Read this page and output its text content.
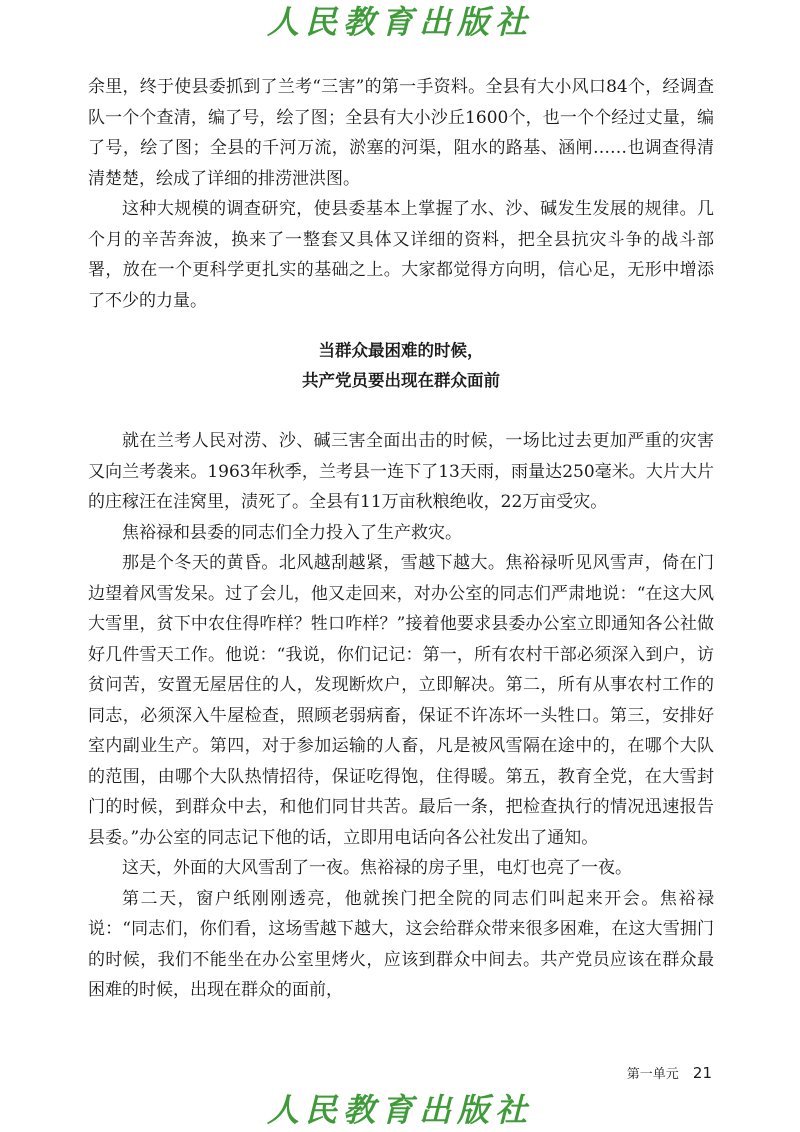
人民教育出版社

余里，终于使县委抓到了兰考“三害”的第一手资料。全县有大小风口84个，经调查队一个个查清，编了号，绘了图；全县有大小沙丘1600个，也一个个经过丈量，编了号，绘了图；全县的千河万流，淤塞的河渠，阻水的路基、涵闸……也调查得清清楚楚，绘成了详细的排涝泄洪图。

这种大规模的调查研究，使县委基本上掌握了水、沙、碱发生发展的规律。几个月的辛苦奔波，换来了一整套又具体又详细的资料，把全县抗灾斗争的战斗部署，放在一个更科学更扎实的基础之上。大家都觉得方向明，信心足，无形中增添了不少的力量。

当群众最困难的时候，
共产党员要出现在群众面前

就在兰考人民对涝、沙、碱三害全面出击的时候，一场比过去更加严重的灾害又向兰考袭来。1963年秋季，兰考县一连下了13天雨，雨量达250毫米。大片大片的庄稼汪在洼窝里，渍死了。全县有11万亩秋粮绝收，22万亩受灾。

焦裕禄和县委的同志们全力投入了生产救灾。

那是个冬天的黄昏。北风越刮越紧，雪越下越大。焦裕禄听见风雪声，倚在门边望着风雪发呆。过了会儿，他又走回来，对办公室的同志们严肃地说：“在这大风大雪里，贫下中农住得咋样？牲口咋样？”接着他要求县委办公室立即通知各公社做好几件雪天工作。他说：“我说，你们记记：第一，所有农村干部必须深入到户，访贫问苦，安置无屋居住的人，发现断炊户，立即解决。第二，所有从事农村工作的同志，必须深入牛屋检查，照顾老弱病畜，保证不许冻坏一头牲口。第三，安排好室内副业生产。第四，对于参加运输的人畜，凡是被风雪隔在途中的，在哪个大队的范围，由哪个大队热情招待，保证吃得饱，住得暖。第五，教育全党，在大雪封门的时候，到群众中去，和他们同甘共苦。最后一条，把检查执行的情况迅速报告县委。”办公室的同志记下他的话，立即用电话向各公社发出了通知。

这天，外面的大风雪刮了一夜。焦裕禄的房子里，电灯也亮了一夜。

第二天，窗户纸刚刚透亮，他就挨门把全院的同志们叫起来开会。焦裕禄说：“同志们，你们看，这场雪越下越大，这会给群众带来很多困难，在这大雪拥门的时候，我们不能坐在办公室里烤火，应该到群众中间去。共产党员应该在群众最困难的时候，出现在群众的面前，

第一单元 21
人民教育出版社
